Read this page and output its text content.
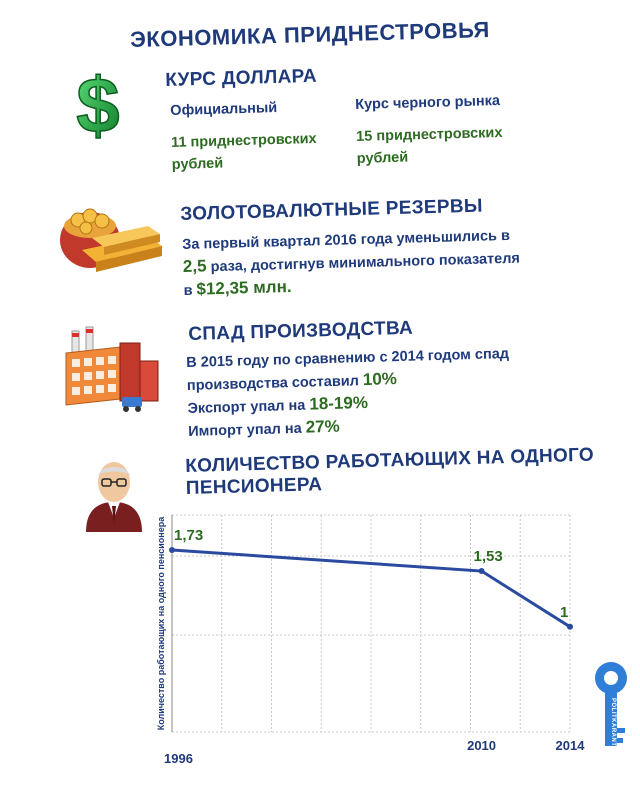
ЭКОНОМИКА ПРИДНЕСТРОВЬЯ
$ КУРС ДОЛЛАРА
Официальный
11 приднестровских
рублей
Курс черного рынка
15 приднестровских
рублей
ЗОЛОТОВАЛЮТНЫЕ РЕЗЕРВЫ
За первый квартал 2016 года уменьшились в
2,5 раза, достигнув минимального показателя
в $12,35 млн.
СПАД ПРОИЗВОДСТВА
В 2015 году по сравнению с 2014 годом спад
производства составил 10%
Экспорт упал на 18-19%
Импорт упал на 27%
КОЛИЧЕСТВО РАБОТАЮЩИХ НА ОДНОГО
ПЕНСИОНЕРА
Количество работающих на одного пенсионера 1,73
1,53
1
1996
2010	2014	POLITKARANT
